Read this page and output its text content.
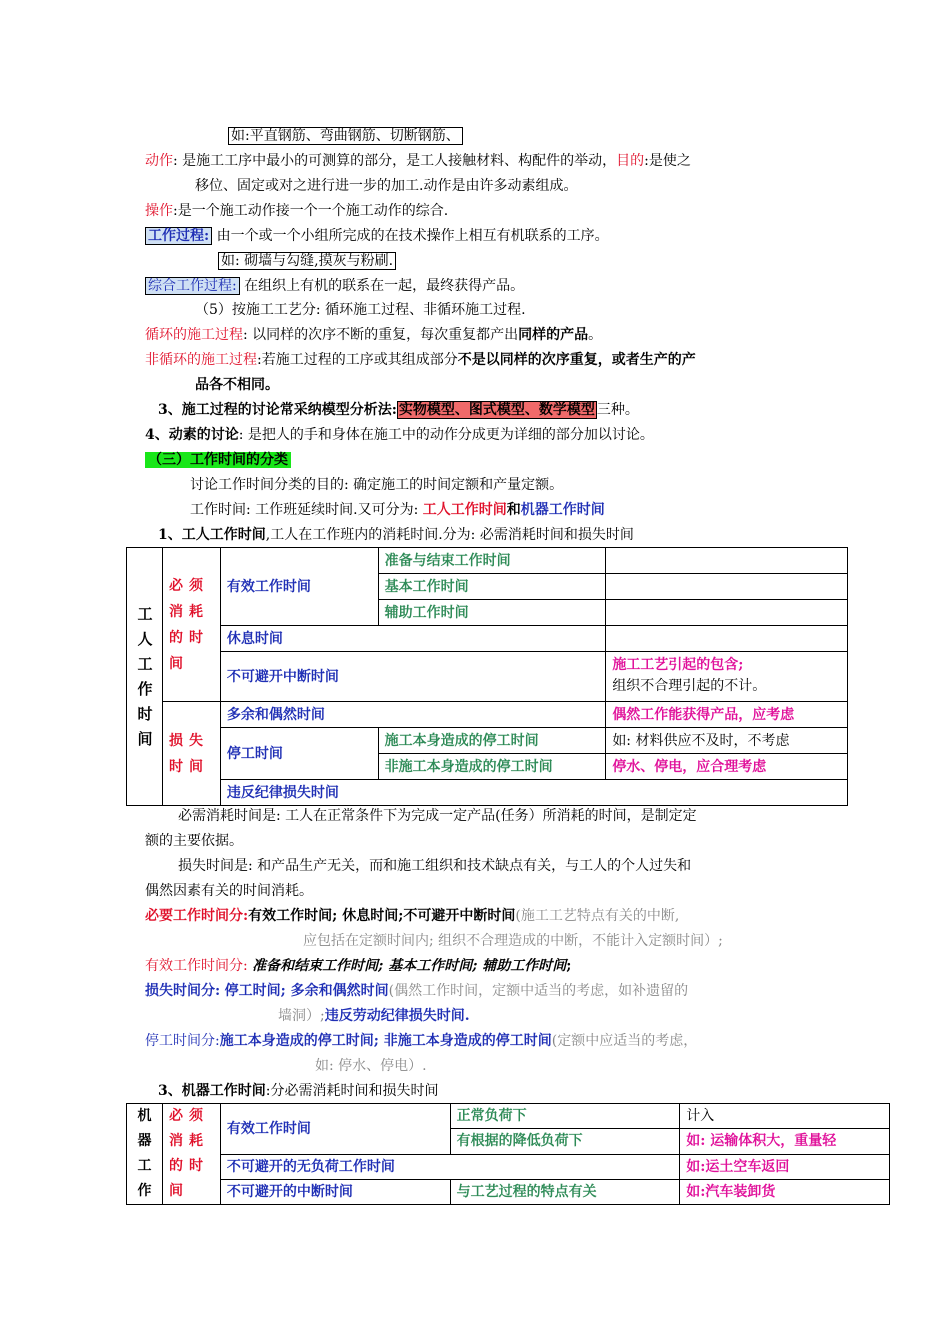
如:平直钢筋、弯曲钢筋、切断钢筋、
动作: 是施工工序中最小的可测算的部分，是工人接触材料、构配件的举动，目的:是使之
移位、固定或对之进行进一步的加工.动作是由许多动素组成。
操作:是一个施工动作接一个一个施工动作的综合.
工作过程: 由一个或一个小组所完成的在技术操作上相互有机联系的工序。
如: 砌墙与勾缝,摸灰与粉刷.
综合工作过程: 在组织上有机的联系在一起，最终获得产品。
（5）按施工工艺分: 循环施工过程、非循环施工过程.
循环的施工过程: 以同样的次序不断的重复，每次重复都产出同样的产品。
非循环的施工过程:若施工过程的工序或其组成部分不是以同样的次序重复，或者生产的产
品各不相同。
3、施工过程的讨论常采纳模型分析法: 实物模型、图式模型、数学模型 三种。
4、动素的讨论: 是把人的手和身体在施工中的动作分成更为详细的部分加以讨论。
（三）工作时间的分类
讨论工作时间分类的目的: 确定施工的时间定额和产量定额。
工作时间: 工作班延续时间.又可分为: 工人工作时间和机器工作时间
1、工人工作时间,工人在工作班内的消耗时间.分为: 必需消耗时间和损失时间
工人工作时间	必须消耗的时间	有效工作时间	准备与结束工作时间	
			基本工作时间	
			辅助工作时间	
		休息时间		
		不可避开中断时间		施工工艺引起的包含;
组织不合理引起的不计。

	损失时间	多余和偶然时间		偶然工作能获得产品，应考虑
		停工时间	施工本身造成的停工时间	如: 材料供应不及时，不考虑
			非施工本身造成的停工时间	停水、停电，应合理考虑
		违反纪律损失时间		
必需消耗时间是: 工人在正常条件下为完成一定产品(任务）所消耗的时间，是制定定
额的主要依据。
损失时间是: 和产品生产无关，而和施工组织和技术缺点有关，与工人的个人过失和
偶然因素有关的时间消耗。
必要工作时间分:有效工作时间; 休息时间;不可避开中断时间(施工工艺特点有关的中断,
应包括在定额时间内; 组织不合理造成的中断，不能计入定额时间）;
有效工作时间分: 准备和结束工作时间; 基本工作时间; 辅助工作时间;
损失时间分: 停工时间; 多余和偶然时间(偶然工作时间，定额中适当的考虑，如补遗留的
墙洞）;违反劳动纪律损失时间.
停工时间分:施工本身造成的停工时间; 非施工本身造成的停工时间(定额中应适当的考虑，
如: 停水、停电）.
3、机器工作时间:分必需消耗时间和损失时间
机器工作	必须消耗的时间	有效工作时间	正常负荷下	计入
			有根据的降低负荷下	如: 运输体积大，重量轻
		不可避开的无负荷工作时间		如:运土空车返回
		不可避开的中断时间	与工艺过程的特点有关	如:汽车装卸货
